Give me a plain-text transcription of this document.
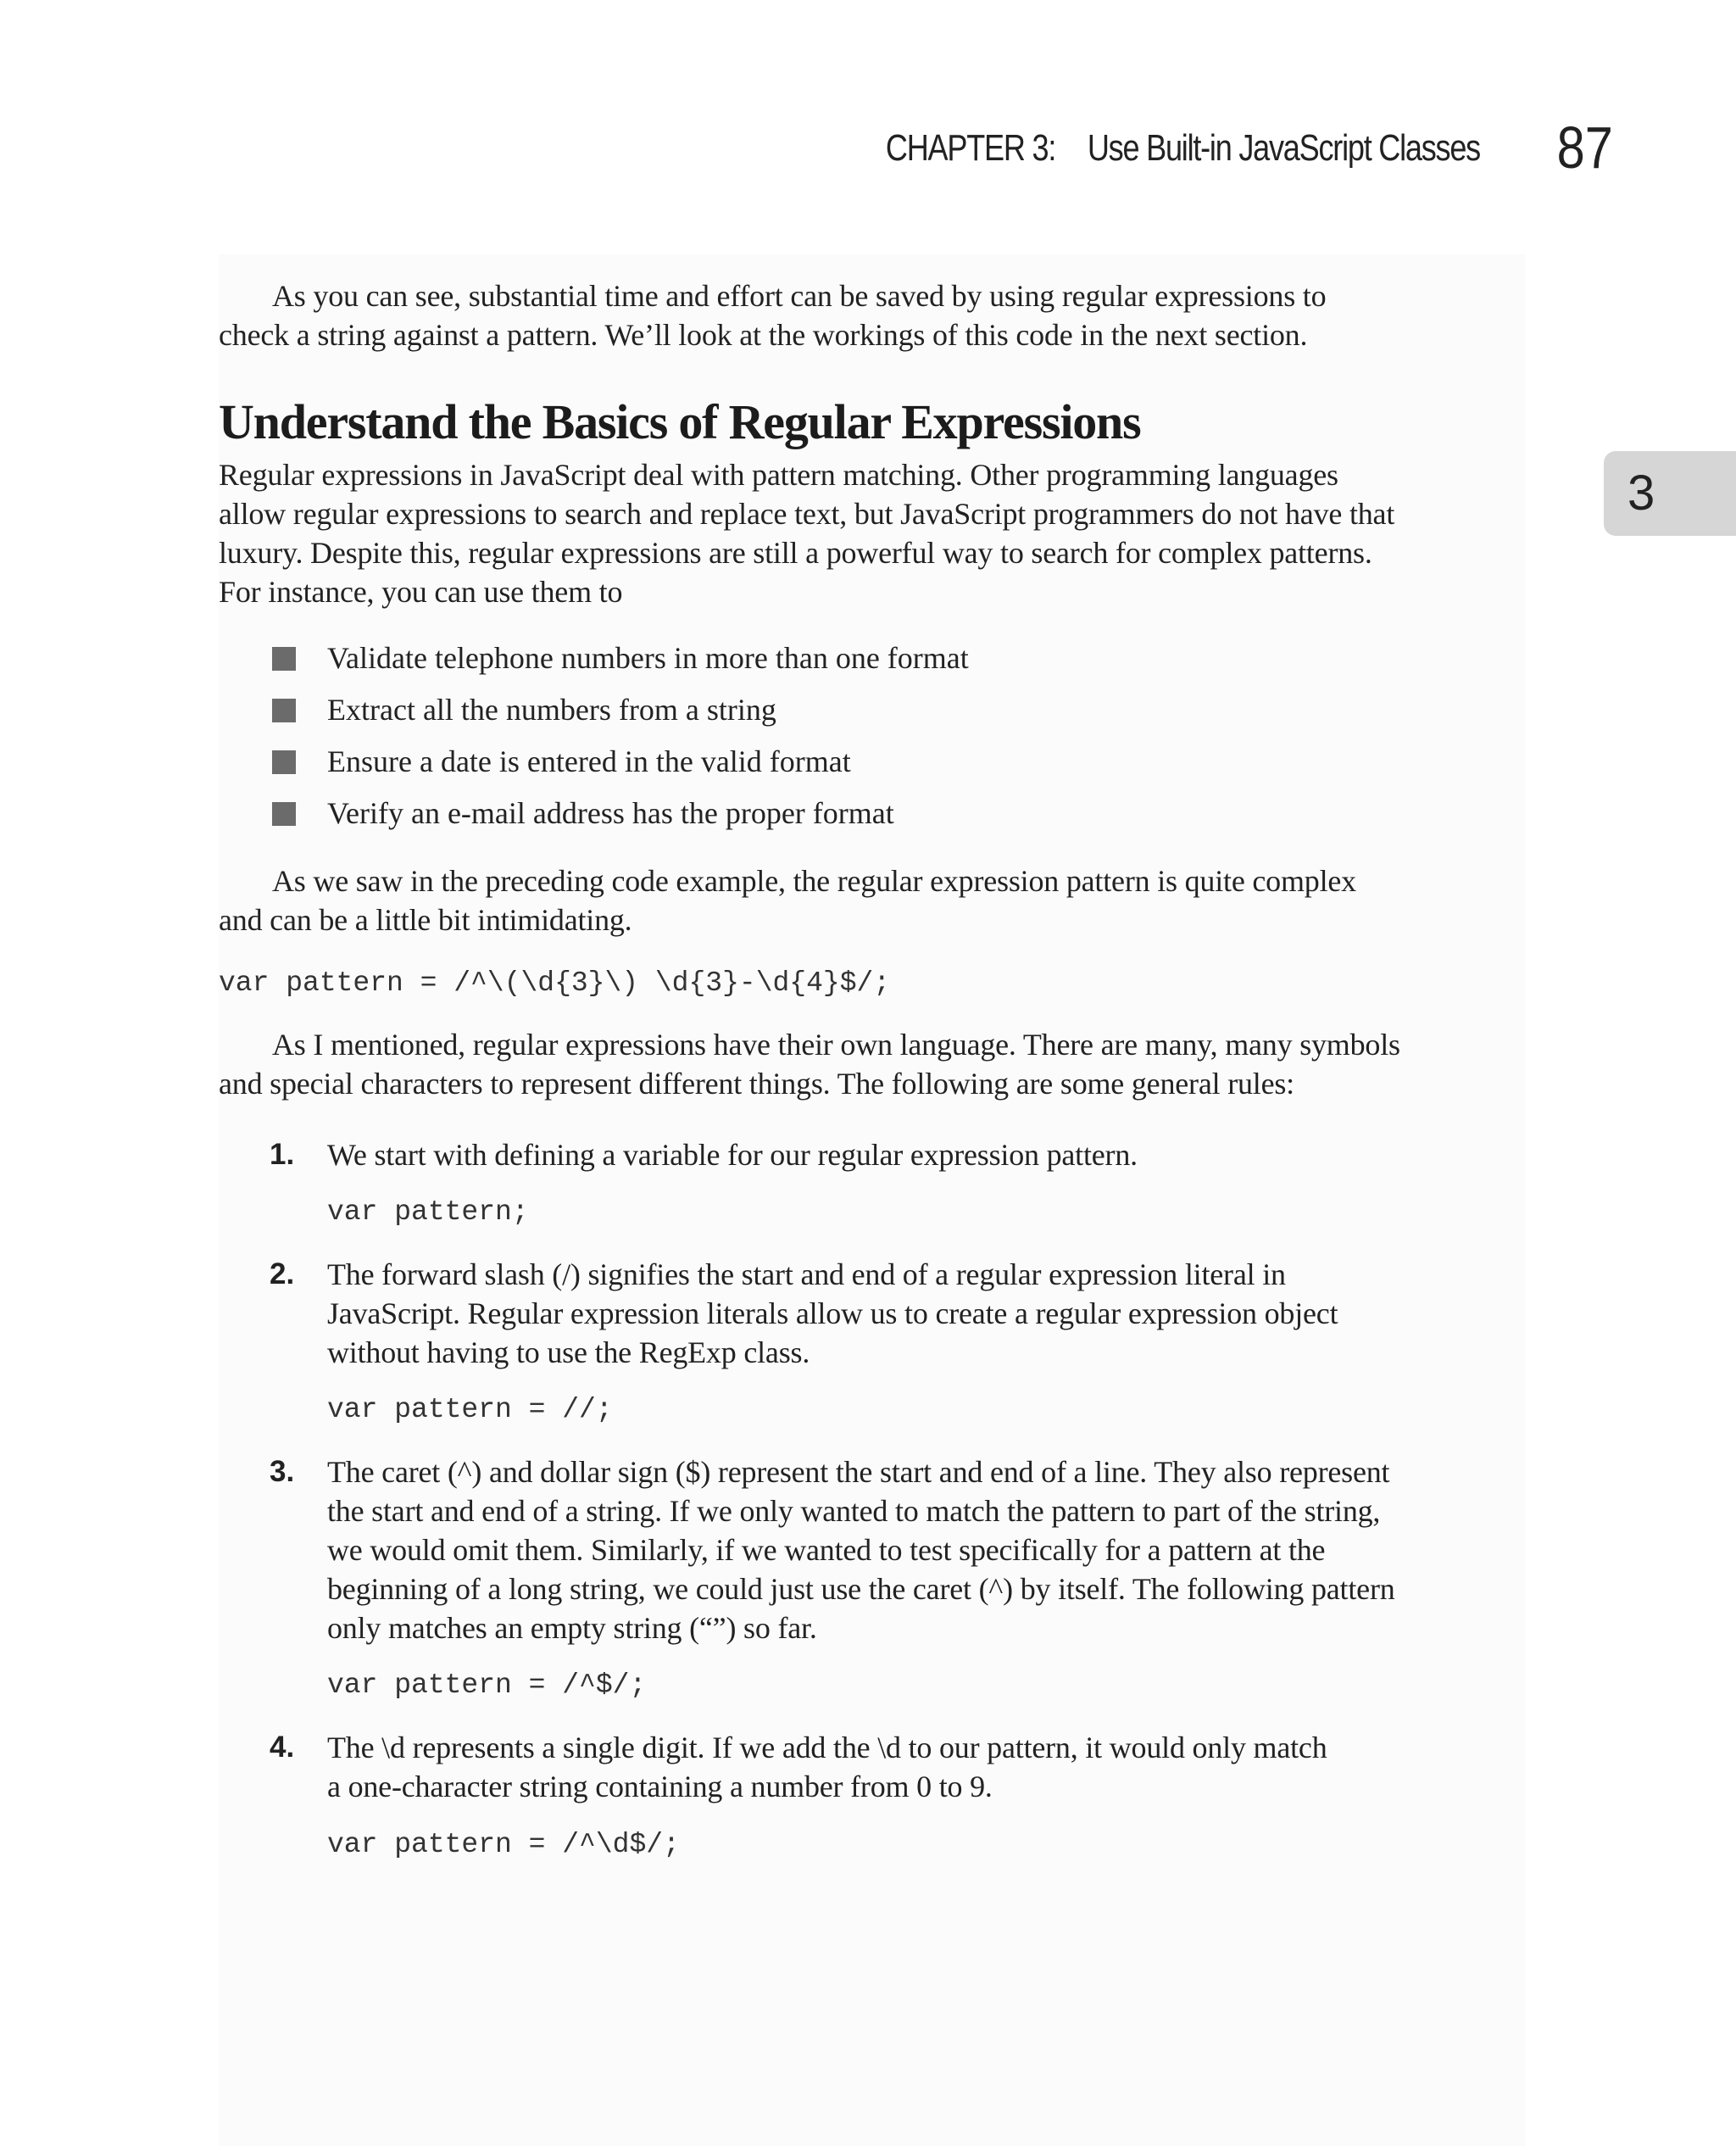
CHAPTER 3: Use Built-in JavaScript Classes 87
3

As you can see, substantial time and effort can be saved by using regular expressions to
check a string against a pattern. We’ll look at the workings of this code in the next section.

Understand the Basics of Regular Expressions

Regular expressions in JavaScript deal with pattern matching. Other programming languages
allow regular expressions to search and replace text, but JavaScript programmers do not have that
luxury. Despite this, regular expressions are still a powerful way to search for complex patterns.
For instance, you can use them to

Validate telephone numbers in more than one format
Extract all the numbers from a string
Ensure a date is entered in the valid format
Verify an e-mail address has the proper format

As we saw in the preceding code example, the regular expression pattern is quite complex
and can be a little bit intimidating.

var pattern = /^\(\d{3}\) \d{3}-\d{4}$/;

As I mentioned, regular expressions have their own language. There are many, many symbols
and special characters to represent different things. The following are some general rules:

1. We start with defining a variable for our regular expression pattern.

var pattern;
2. The forward slash (/) signifies the start and end of a regular expression literal in
JavaScript. Regular expression literals allow us to create a regular expression object
without having to use the RegExp class.

var pattern = //;
3. The caret (^) and dollar sign ($) represent the start and end of a line. They also represent
the start and end of a string. If we only wanted to match the pattern to part of the string,
we would omit them. Similarly, if we wanted to test specifically for a pattern at the
beginning of a long string, we could just use the caret (^) by itself. The following pattern
only matches an empty string (“”) so far.

var pattern = /^$/;
4. The \d represents a single digit. If we add the \d to our pattern, it would only match
a one-character string containing a number from 0 to 9.

var pattern = /^\d$/;
